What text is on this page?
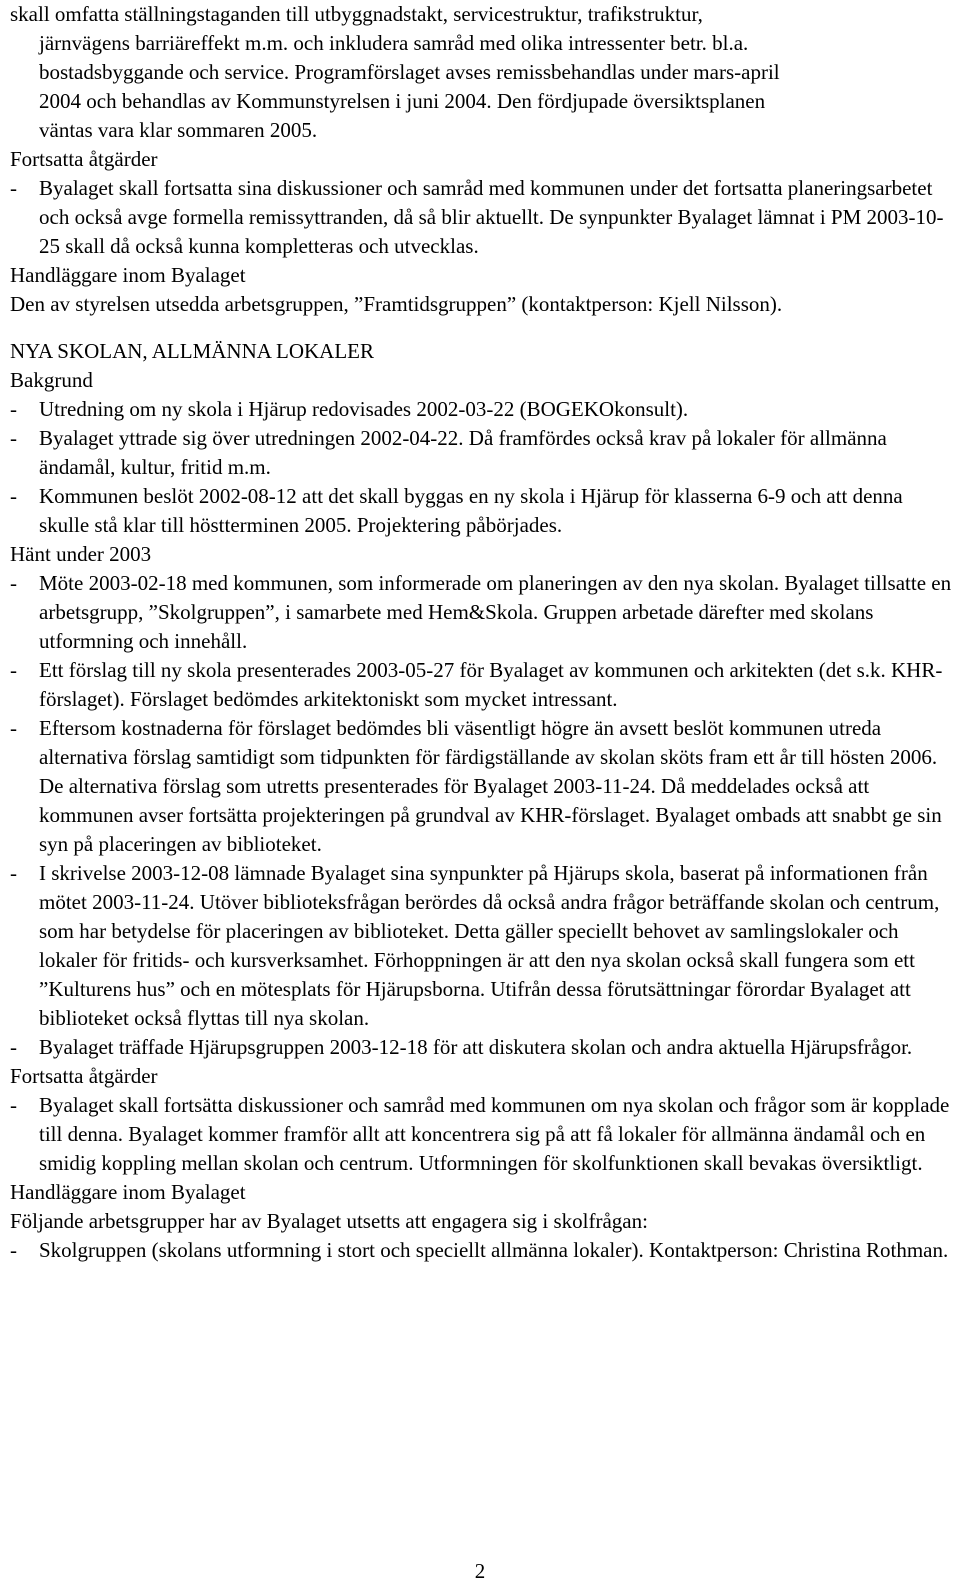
skall omfatta ställningstaganden till utbyggnadstakt, servicestruktur, trafikstruktur,

järnvägens barriäreffekt m.m. och inkludera samråd med olika intressenter betr. bl.a.

bostadsbyggande och service. Programförslaget avses remissbehandlas under mars-april

2004 och behandlas av Kommunstyrelsen i juni 2004. Den fördjupade översiktsplanen

väntas vara klar sommaren 2005.

Fortsatta åtgärder

-	Byalaget skall fortsatta sina diskussioner och samråd med kommunen under det fortsatta planeringsarbetet och också avge formella remissyttranden, då så blir aktuellt. De synpunkter Byalaget lämnat i PM 2003-10-25 skall då också kunna kompletteras och utvecklas.

Handläggare inom Byalaget

Den av styrelsen utsedda arbetsgruppen, ”Framtidsgruppen” (kontaktperson: Kjell Nilsson).

NYA SKOLAN, ALLMÄNNA LOKALER

Bakgrund

-	Utredning om ny skola i Hjärup redovisades 2002-03-22 (BOGEKOkonsult).
-	Byalaget yttrade sig över utredningen 2002-04-22. Då framfördes också krav på lokaler för allmänna ändamål, kultur, fritid m.m.
-	Kommunen beslöt 2002-08-12 att det skall byggas en ny skola i Hjärup för klasserna 6-9 och att denna skulle stå klar till höstterminen 2005. Projektering påbörjades.

Hänt under 2003

-	Möte 2003-02-18 med kommunen, som informerade om planeringen av den nya skolan. Byalaget tillsatte en arbetsgrupp, ”Skolgruppen”, i samarbete med Hem&Skola. Gruppen arbetade därefter med skolans utformning och innehåll.
-	Ett förslag till ny skola presenterades 2003-05-27 för Byalaget av kommunen och arkitekten (det s.k. KHR-förslaget). Förslaget bedömdes arkitektoniskt som mycket intressant.
-	Eftersom kostnaderna för förslaget bedömdes bli väsentligt högre än avsett beslöt kommunen utreda alternativa förslag samtidigt som tidpunkten för färdigställande av skolan sköts fram ett år till hösten 2006. De alternativa förslag som utretts presenterades för Byalaget 2003-11-24. Då meddelades också att kommunen avser fortsätta projekteringen på grundval av KHR-förslaget. Byalaget ombads att snabbt ge sin syn på placeringen av biblioteket.
-	I skrivelse 2003-12-08 lämnade Byalaget sina synpunkter på Hjärups skola, baserat på informationen från mötet 2003-11-24. Utöver biblioteksfrågan berördes då också andra frågor beträffande skolan och centrum, som har betydelse för placeringen av biblioteket. Detta gäller speciellt behovet av samlingslokaler och lokaler för fritids- och kursverksamhet. Förhoppningen är att den nya skolan också skall fungera som ett ”Kulturens hus” och en mötesplats för Hjärupsborna. Utifrån dessa förutsättningar förordar Byalaget att biblioteket också flyttas till nya skolan.
-	Byalaget träffade Hjärupsgruppen 2003-12-18 för att diskutera skolan och andra aktuella Hjärupsfrågor.

Fortsatta åtgärder

-	Byalaget skall fortsätta diskussioner och samråd med kommunen om nya skolan och frågor som är kopplade till denna. Byalaget kommer framför allt att koncentrera sig på att få lokaler för allmänna ändamål och en smidig koppling mellan skolan och centrum. Utformningen för skolfunktionen skall bevakas översiktligt.

Handläggare inom Byalaget

Följande arbetsgrupper har av Byalaget utsetts att engagera sig i skolfrågan:

-	Skolgruppen (skolans utformning i stort och speciellt allmänna lokaler). Kontaktperson: Christina Rothman.
2
